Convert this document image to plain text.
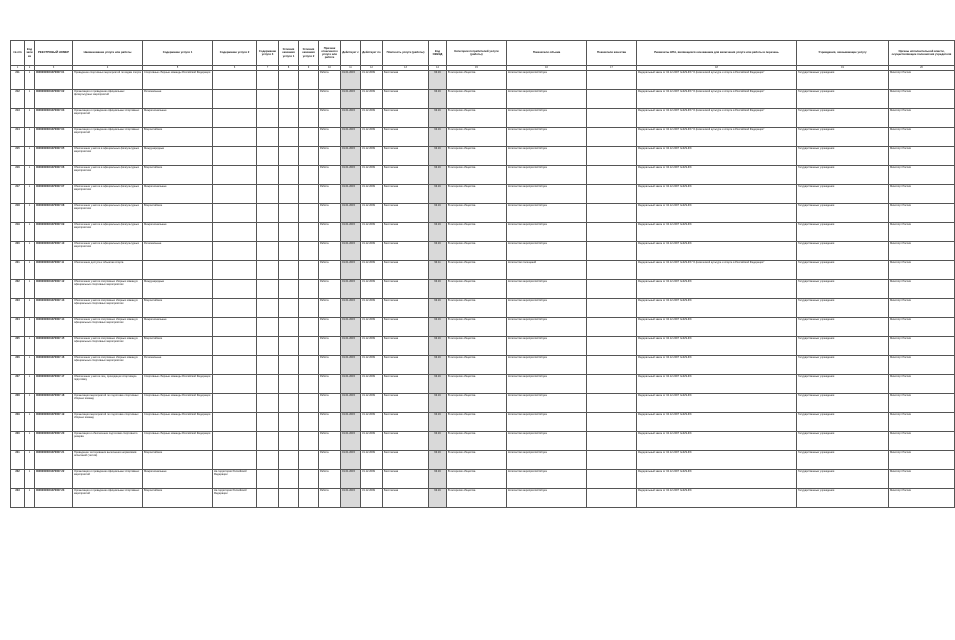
№ п/п	Код записи	РЕЕСТРОВЫЙ НОМЕР	Наименование услуги или работы	Содержание услуги 1	Содержание услуги 2	Содержание услуги 3	Условия оказания услуги 1	Условия оказания услуги 2	Признак отнесения к услуге или работе	Действует с	Действует по	Платность услуги (работы)	Код ОКВЭД	Категории потребителей услуги (работы)	Показатели объема	Показатели качества	Реквизиты НПА, являющихся основанием для включения услуги или работы в перечень	Учреждения, оказывающие услугу	Органы исполнительной власти, осуществляющие полномочия учредителя
1	2	3	4	5	6	7	8	9	10	11	12	13	14	15	16	17	18	19	20
211	1	00000000001370007-01	Проведение спортивных мероприятий по видам спорта	Спортивные сборные команды Российской Федерации					Работа	01.01.2015	31.12.2099	Бесплатная	93.19	В интересах общества	Количество мероприятий Штука		Федеральный закон от 04.12.2007 №329-ФЗ "О физической культуре и спорте в Российской Федерации"	Государственные учреждения	Минспорт России
212	1	00000000001370007-02	Организация и проведение официальных физкультурных мероприятий	Региональные					Работа	01.01.2015	31.12.2099	Бесплатная	93.19	В интересах общества	Количество мероприятий Штука		Федеральный закон от 04.12.2007 №329-ФЗ "О физической культуре и спорте в Российской Федерации"	Государственные учреждения	Минспорт России
213	1	00000000001370007-03	Организация и проведение официальных спортивных мероприятий	Межрегиональные					Работа	01.01.2015	31.12.2099	Бесплатная	93.19	В интересах общества	Количество мероприятий Штука		Федеральный закон от 04.12.2007 №329-ФЗ "О физической культуре и спорте в Российской Федерации"	Государственные учреждения	Минспорт России
214	1	00000000001370007-04	Организация и проведение официальных спортивных мероприятий	Всероссийские					Работа	01.01.2015	31.12.2099	Бесплатная	93.19	В интересах общества	Количество мероприятий Штука		Федеральный закон от 04.12.2007 №329-ФЗ "О физической культуре и спорте в Российской Федерации"	Государственные учреждения	Минспорт России
215	1	00000000001370007-05	Обеспечение участия в официальных физкультурных мероприятиях	Международные					Работа	01.01.2015	31.12.2099	Бесплатная	93.19	В интересах общества	Количество мероприятий Штука		Федеральный закон от 04.12.2007 №329-ФЗ	Государственные учреждения	Минспорт России
216	1	00000000001370007-06	Обеспечение участия в официальных физкультурных мероприятиях	Всероссийские					Работа	01.01.2015	31.12.2099	Бесплатная	93.19	В интересах общества	Количество мероприятий Штука		Федеральный закон от 04.12.2007 №329-ФЗ	Государственные учреждения	Минспорт России
217	1	00000000001370007-07	Обеспечение участия в официальных физкультурных мероприятиях	Межрегиональные					Работа	01.01.2015	31.12.2099	Бесплатная	93.19	В интересах общества	Количество мероприятий Штука		Федеральный закон от 04.12.2007 №329-ФЗ	Государственные учреждения	Минспорт России
218	1	00000000001370007-08	Обеспечение участия в официальных физкультурных мероприятиях	Всероссийские					Работа	01.01.2015	31.12.2099	Бесплатная	93.19	В интересах общества	Количество мероприятий Штука		Федеральный закон от 04.12.2007 №329-ФЗ	Государственные учреждения	Минспорт России
219	1	00000000001370007-09	Обеспечение участия в официальных физкультурных мероприятиях	Межрегиональные					Работа	01.01.2015	31.12.2099	Бесплатная	93.19	В интересах общества	Количество мероприятий Штука		Федеральный закон от 04.12.2007 №329-ФЗ	Государственные учреждения	Минспорт России
220	1	00000000001370007-10	Обеспечение участия в официальных физкультурных мероприятиях	Региональные					Работа	01.01.2015	31.12.2099	Бесплатная	93.19	В интересах общества	Количество мероприятий Штука		Федеральный закон от 04.12.2007 №329-ФЗ	Государственные учреждения	Минспорт России
221	1	00000000001370007-11	Обеспечение доступа к объектам спорта						Работа	01.01.2015	31.12.2099	Бесплатная	93.11	В интересах общества	Количество посещений		Федеральный закон от 04.12.2007 №329-ФЗ "О физической культуре и спорте в Российской Федерации"	Государственные учреждения	Минспорт России
222	1	00000000001370007-12	Обеспечение участия спортивных сборных команд в официальных спортивных мероприятиях	Международные					Работа	01.01.2015	31.12.2099	Бесплатная	93.19	В интересах общества	Количество мероприятий Штука		Федеральный закон от 04.12.2007 №329-ФЗ	Государственные учреждения	Минспорт России
223	1	00000000001370007-13	Обеспечение участия спортивных сборных команд в официальных спортивных мероприятиях	Всероссийские					Работа	01.01.2015	31.12.2099	Бесплатная	93.19	В интересах общества	Количество мероприятий Штука		Федеральный закон от 04.12.2007 №329-ФЗ	Государственные учреждения	Минспорт России
224	1	00000000001370007-14	Обеспечение участия спортивных сборных команд в официальных спортивных мероприятиях	Межрегиональные					Работа	01.01.2015	31.12.2099	Бесплатная	93.19	В интересах общества	Количество мероприятий Штука		Федеральный закон от 04.12.2007 №329-ФЗ	Государственные учреждения	Минспорт России
225	1	00000000001370007-15	Обеспечение участия спортивных сборных команд в официальных спортивных мероприятиях	Всероссийские					Работа	01.01.2015	31.12.2099	Бесплатная	93.19	В интересах общества	Количество мероприятий Штука		Федеральный закон от 04.12.2007 №329-ФЗ	Государственные учреждения	Минспорт России
226	1	00000000001370007-16	Обеспечение участия спортивных сборных команд в официальных спортивных мероприятиях	Региональные					Работа	01.01.2015	31.12.2099	Бесплатная	93.19	В интересах общества	Количество мероприятий Штука		Федеральный закон от 04.12.2007 №329-ФЗ	Государственные учреждения	Минспорт России
227	1	00000000001370007-17	Обеспечение участия лиц, проходящих спортивную подготовку	Спортивные сборные команды Российской Федерации					Работа	01.01.2015	31.12.2099	Бесплатная	93.19	В интересах общества	Количество мероприятий Штука		Федеральный закон от 04.12.2007 №329-ФЗ	Государственные учреждения	Минспорт России
228	1	00000000001370007-18	Организация мероприятий по подготовке спортивных сборных команд	Спортивные сборные команды Российской Федерации					Работа	01.01.2015	31.12.2099	Бесплатная	93.19	В интересах общества	Количество мероприятий Штука		Федеральный закон от 04.12.2007 №329-ФЗ	Государственные учреждения	Минспорт России
229	1	00000000001370007-19	Организация мероприятий по подготовке спортивных сборных команд	Спортивные сборные команды Российской Федерации					Работа	01.01.2015	31.12.2099	Бесплатная	93.19	В интересах общества	Количество мероприятий Штука		Федеральный закон от 04.12.2007 №329-ФЗ	Государственные учреждения	Минспорт России
230	1	00000000001370007-20	Организация и обеспечение подготовки спортивного резерва	Спортивные сборные команды Российской Федерации					Работа	01.01.2015	31.12.2099	Бесплатная	93.19	В интересах общества	Количество мероприятий Штука		Федеральный закон от 04.12.2007 №329-ФЗ	Государственные учреждения	Минспорт России
231	1	00000000001370007-21	Проведение тестирования выполнения нормативов испытаний (тестов)	Всероссийские					Работа	01.01.2015	31.12.2099	Бесплатная	93.19	В интересах общества	Количество мероприятий Штука		Федеральный закон от 04.12.2007 №329-ФЗ	Государственные учреждения	Минспорт России
232	1	00000000001370007-22	Организация и проведение официальных спортивных мероприятий	Межрегиональные	На территории Российской Федерации				Работа	01.01.2015	31.12.2099	Бесплатная	93.19	В интересах общества	Количество мероприятий Штука		Федеральный закон от 04.12.2007 №329-ФЗ	Государственные учреждения	Минспорт России
233	1	00000000001370007-23	Организация и проведение официальных спортивных мероприятий	Всероссийские	На территории Российской Федерации				Работа	01.01.2015	31.12.2099	Бесплатная	93.19	В интересах общества	Количество мероприятий Штука		Федеральный закон от 04.12.2007 №329-ФЗ	Государственные учреждения	Минспорт России
